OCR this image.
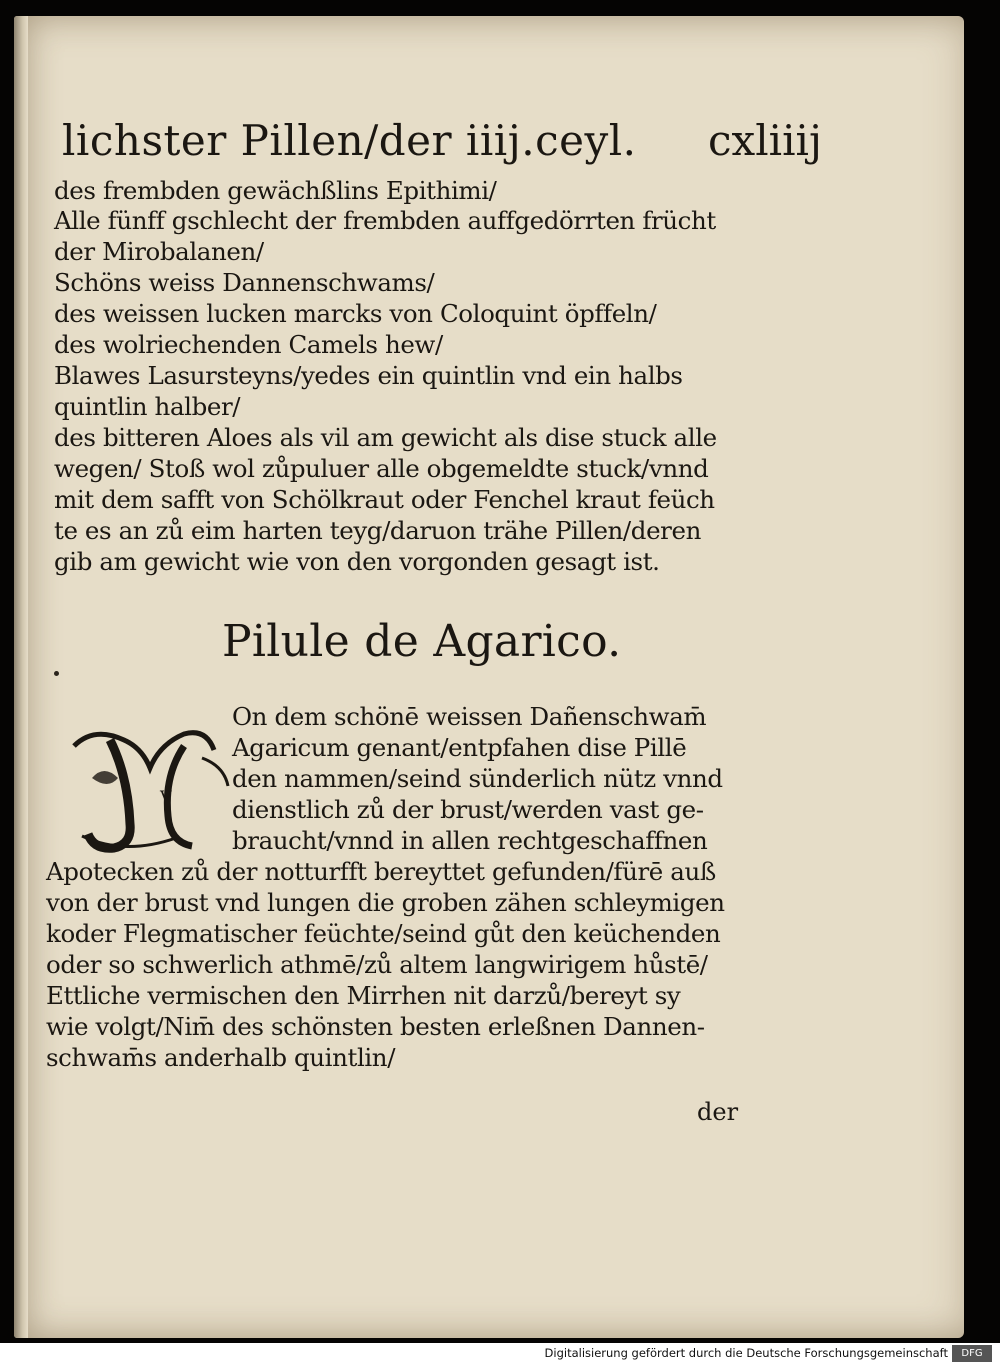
lichster Pillen/der iiij.ceyl. cxliiij
des frembden gewächßlins Epithimi/
Alle fünff gschlecht der frembden auffgedörrten frücht
der Mirobalanen/
Schöns weiss Dannenschwams/
des weissen lucken marcks von Coloquint öpffeln/
des wolriechenden Camels hew/
Blawes Lasursteyns/yedes ein quintlin vnd ein halbs
quintlin halber/
des bitteren Aloes als vil am gewicht als dise stuck alle
wegen/ Stoß wol zůpuluer alle obgemeldte stuck/vnnd
mit dem safft von Schölkraut oder Fenchel kraut feüch
te es an zů eim harten teyg/daruon trähe Pillen/deren
gib am gewicht wie von den vorgonden gesagt ist.
Pilule de Agarico.
V
On dem schönē weissen Dañenschwam̄
Agaricum genant/entpfahen dise Pillē
den nammen/seind sünderlich nütz vnnd
dienstlich zů der brust/werden vast ge-
braucht/vnnd in allen rechtgeschaffnen
Apotecken zů der notturfft bereyttet gefunden/fürē auß
von der brust vnd lungen die groben zähen schleymigen
koder Flegmatischer feüchte/seind gůt den keüchenden
oder so schwerlich athmē/zů altem langwirigem hůstē/
Ettliche vermischen den Mirrhen nit darzů/bereyt sy
wie volgt/Nim̄ des schönsten besten erleßnen Dannen-
schwam̄s anderhalb quintlin/
der
Digitalisierung gefördert durch die Deutsche Forschungsgemeinschaft	DFG
